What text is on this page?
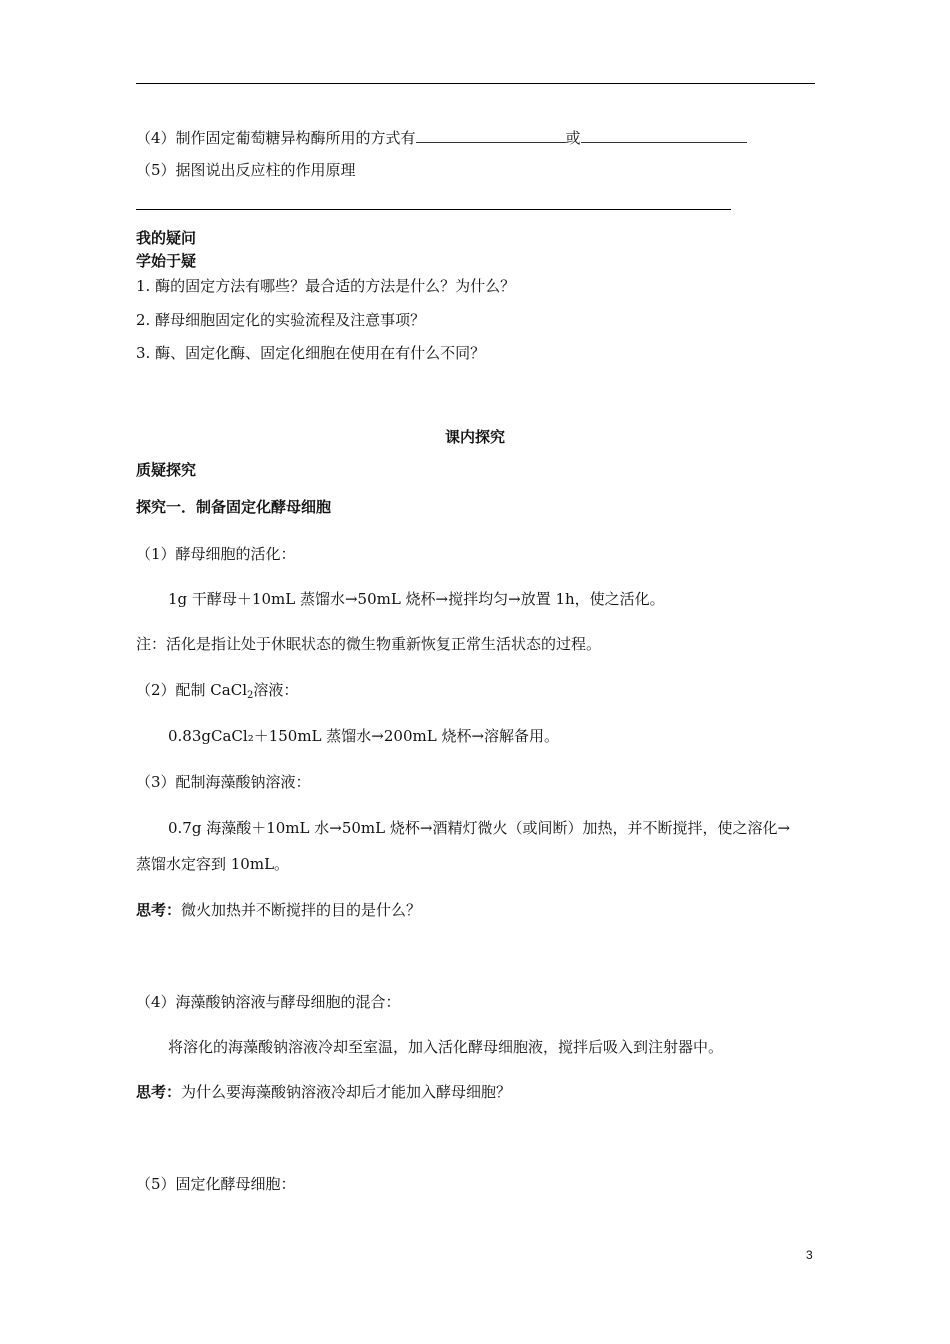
（4）制作固定葡萄糖异构酶所用的方式有	或
（5）据图说出反应柱的作用原理
我的疑问
学始于疑
1. 酶的固定方法有哪些？最合适的方法是什么？为什么？
2. 酵母细胞固定化的实验流程及注意事项？
3. 酶、固定化酶、固定化细胞在使用在有什么不同？
课内探究
质疑探究
探究一．制备固定化酵母细胞
（1）酵母细胞的活化：
1g 干酵母＋10mL 蒸馏水→50mL 烧杯→搅拌均匀→放置 1h，使之活化。
注：活化是指让处于休眠状态的微生物重新恢复正常生活状态的过程。
（2）配制 CaCl$_2$溶液：
0.83gCaCl₂＋150mL 蒸馏水→200mL 烧杯→溶解备用。
（3）配制海藻酸钠溶液：
0.7g 海藻酸＋10mL 水→50mL 烧杯→酒精灯微火（或间断）加热，并不断搅拌，使之溶化→
蒸馏水定容到 10mL。
思考：微火加热并不断搅拌的目的是什么？
（4）海藻酸钠溶液与酵母细胞的混合：
将溶化的海藻酸钠溶液冷却至室温，加入活化酵母细胞液，搅拌后吸入到注射器中。
思考：为什么要海藻酸钠溶液冷却后才能加入酵母细胞？
（5）固定化酵母细胞：
3
